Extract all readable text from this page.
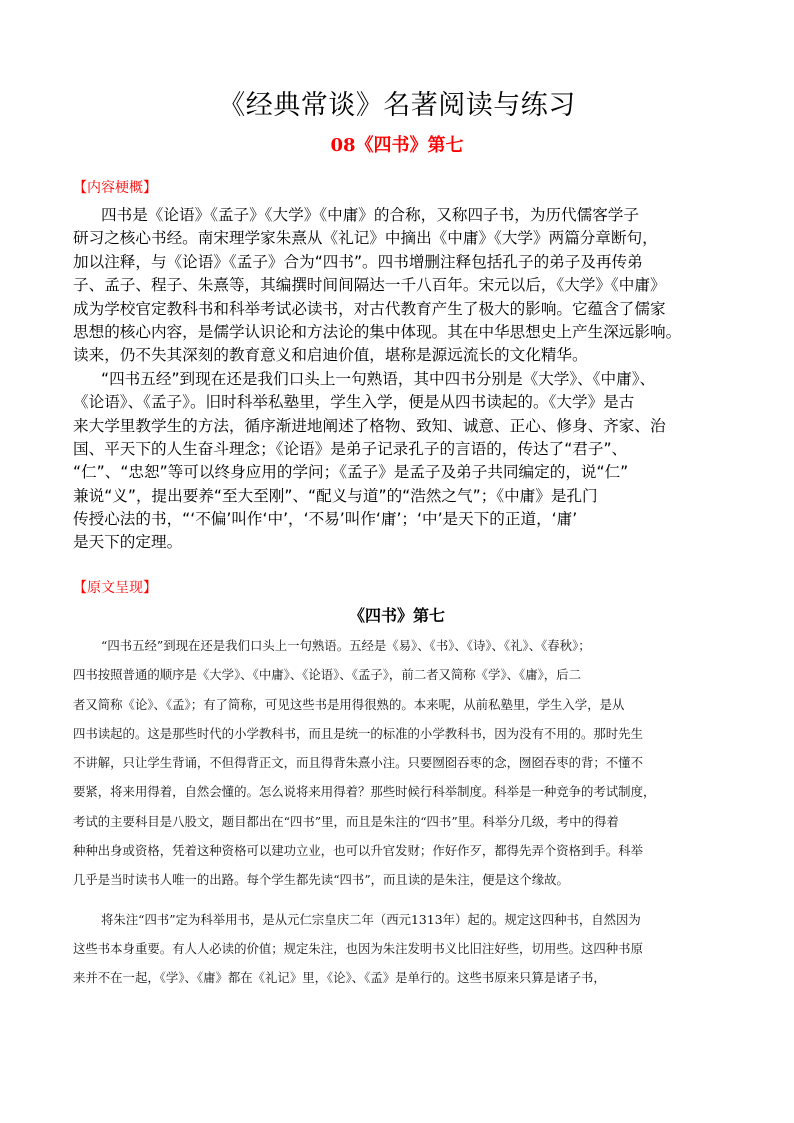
《经典常谈》名著阅读与练习
08《四书》第七
【内容梗概】
四书是《论语》《孟子》《大学》《中庸》的合称，又称四子书，为历代儒客学子
研习之核心书经。南宋理学家朱熹从《礼记》中摘出《中庸》《大学》两篇分章断句，
加以注释，与《论语》《孟子》合为“四书”。四书增删注释包括孔子的弟子及再传弟
子、孟子、程子、朱熹等，其编撰时间间隔达一千八百年。宋元以后，《大学》《中庸》
成为学校官定教科书和科举考试必读书，对古代教育产生了极大的影响。它蕴含了儒家
思想的核心内容，是儒学认识论和方法论的集中体现。其在中华思想史上产生深远影响。
读来，仍不失其深刻的教育意义和启迪价值，堪称是源远流长的文化精华。
“四书五经”到现在还是我们口头上一句熟语，其中四书分别是《大学》、《中庸》、
《论语》、《孟子》。旧时科举私塾里，学生入学，便是从四书读起的。《大学》是古
来大学里教学生的方法，循序渐进地阐述了格物、致知、诚意、正心、修身、齐家、治
国、平天下的人生奋斗理念；《论语》是弟子记录孔子的言语的，传达了“君子”、
“仁”、“忠恕”等可以终身应用的学问；《孟子》是孟子及弟子共同编定的，说“仁”
兼说“义”，提出要养“至大至刚”、“配义与道”的“浩然之气”；《中庸》是孔门
传授心法的书，“‘不偏’叫作‘中’，‘不易’叫作‘庸’；‘中’是天下的正道，‘庸’
是天下的定理。
【原文呈现】
《四书》第七
“四书五经”到现在还是我们口头上一句熟语。五经是《易》、《书》、《诗》、《礼》、《春秋》；
四书按照普通的顺序是《大学》、《中庸》、《论语》、《孟子》，前二者又简称《学》、《庸》，后二
者又简称《论》、《孟》；有了简称，可见这些书是用得很熟的。本来呢，从前私塾里，学生入学，是从
四书读起的。这是那些时代的小学教科书，而且是统一的标准的小学教科书，因为没有不用的。那时先生
不讲解，只让学生背诵，不但得背正文，而且得背朱熹小注。只要囫囵吞枣的念，囫囵吞枣的背；不懂不
要紧，将来用得着，自然会懂的。怎么说将来用得着？那些时候行科举制度。科举是一种竞争的考试制度，
考试的主要科目是八股文，题目都出在“四书”里，而且是朱注的“四书”里。科举分几级，考中的得着
种种出身或资格，凭着这种资格可以建功立业，也可以升官发财；作好作歹，都得先弄个资格到手。科举
几乎是当时读书人唯一的出路。每个学生都先读“四书”，而且读的是朱注，便是这个缘故。
将朱注“四书”定为科举用书，是从元仁宗皇庆二年（西元1313年）起的。规定这四种书，自然因为
这些书本身重要。有人人必读的价值；规定朱注，也因为朱注发明书义比旧注好些，切用些。这四种书原
来并不在一起，《学》、《庸》都在《礼记》里，《论》、《孟》是单行的。这些书原来只算是诸子书，
